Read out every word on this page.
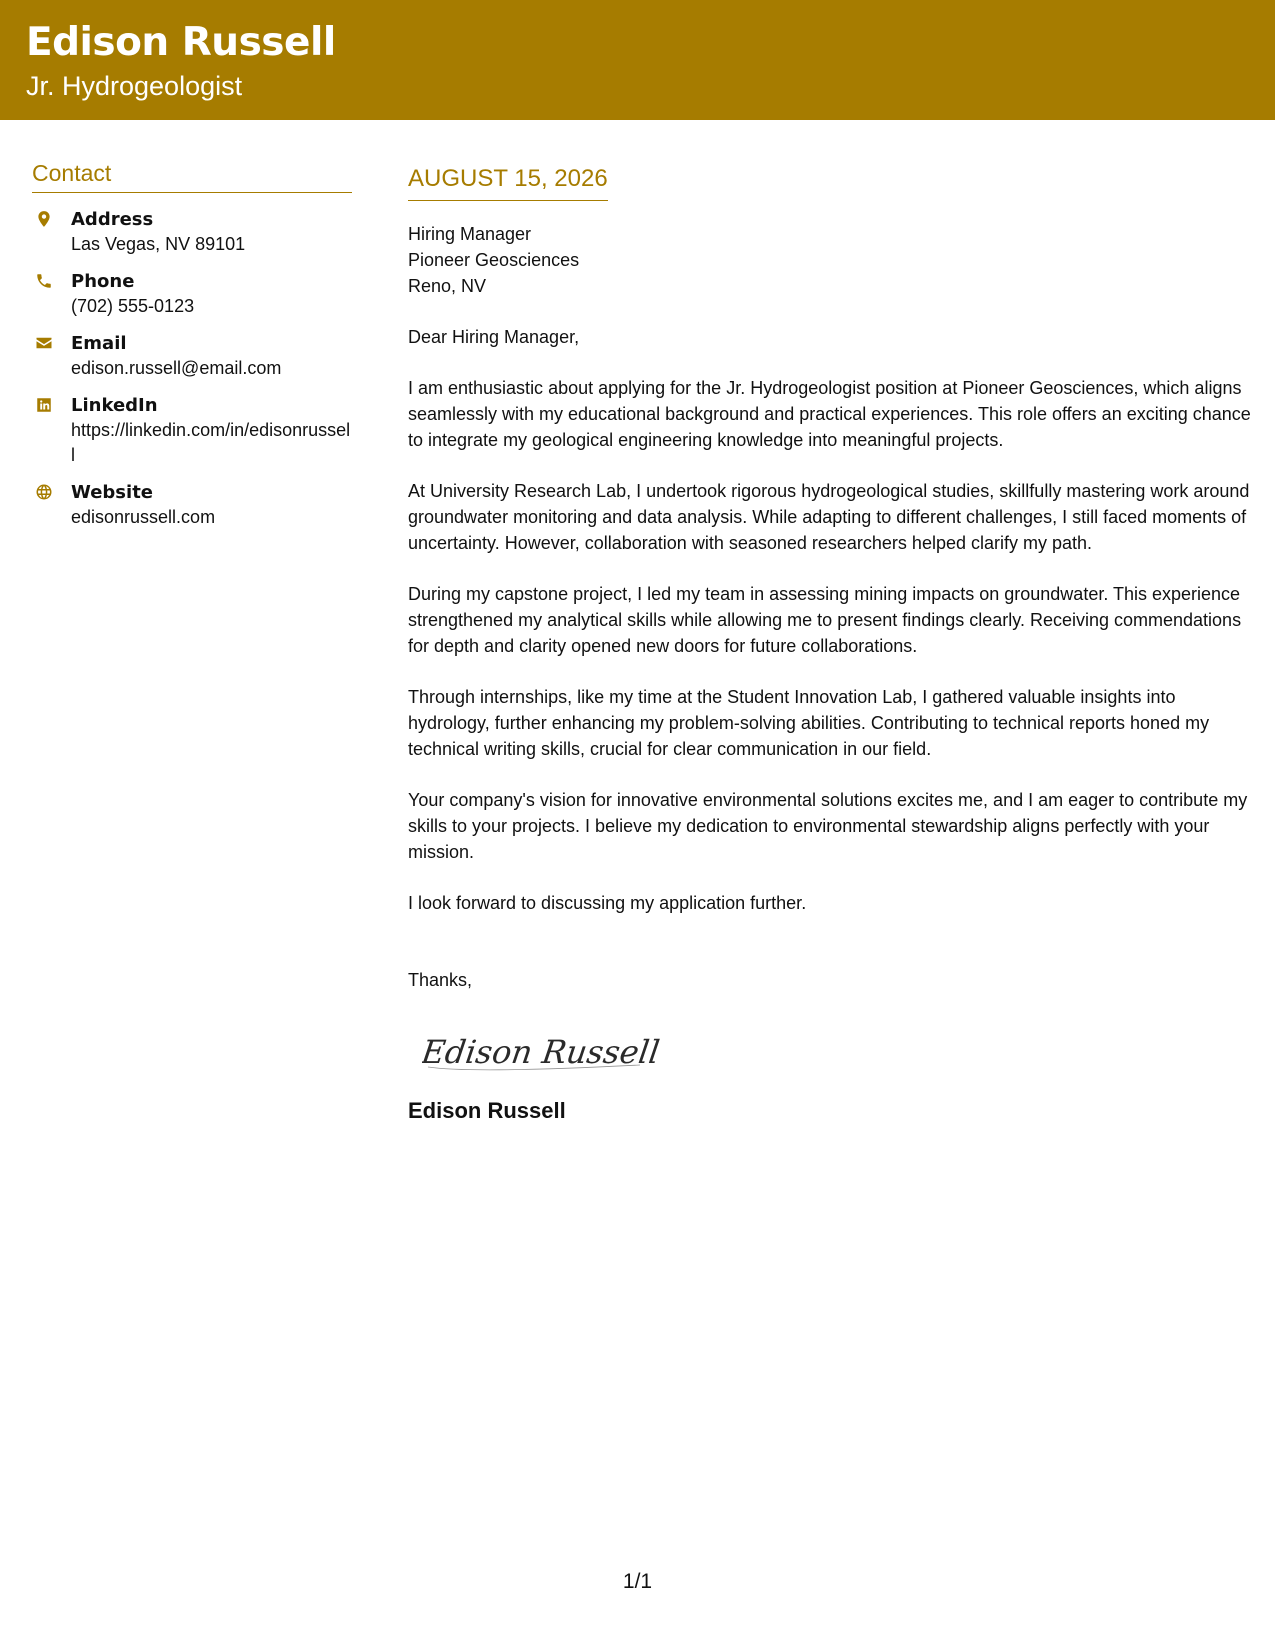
Edison Russell
Jr. Hydrogeologist
Contact
Address
Las Vegas, NV 89101
Phone
(702) 555-0123
Email
edison.russell@email.com
LinkedIn
https://linkedin.com/in/edisonrussell
Website
edisonrussell.com
AUGUST 15, 2026
Hiring Manager
Pioneer Geosciences
Reno, NV
Dear Hiring Manager,

I am enthusiastic about applying for the Jr. Hydrogeologist position at Pioneer Geosciences, which aligns seamlessly with my educational background and practical experiences. This role offers an exciting chance to integrate my geological engineering knowledge into meaningful projects.

At University Research Lab, I undertook rigorous hydrogeological studies, skillfully mastering work around groundwater monitoring and data analysis. While adapting to different challenges, I still faced moments of uncertainty. However, collaboration with seasoned researchers helped clarify my path.

During my capstone project, I led my team in assessing mining impacts on groundwater. This experience strengthened my analytical skills while allowing me to present findings clearly. Receiving commendations for depth and clarity opened new doors for future collaborations.

Through internships, like my time at the Student Innovation Lab, I gathered valuable insights into hydrology, further enhancing my problem-solving abilities. Contributing to technical reports honed my technical writing skills, crucial for clear communication in our field.

Your company's vision for innovative environmental solutions excites me, and I am eager to contribute my skills to your projects. I believe my dedication to environmental stewardship aligns perfectly with your mission.

I look forward to discussing my application further.

Thanks,
Edison Russell
Edison Russell
1/1
